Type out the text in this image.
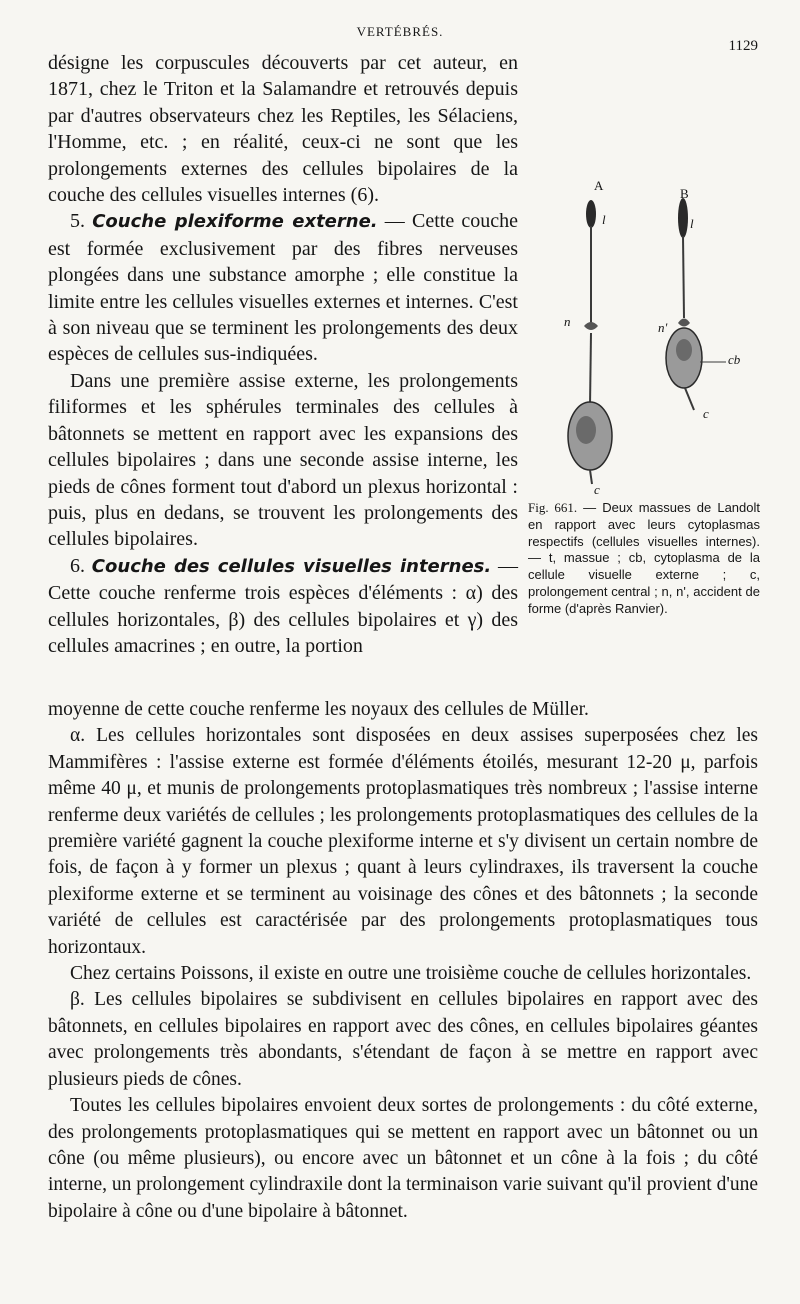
VERTÉBRÉS.
1129

désigne les corpuscules découverts par cet auteur, en 1871, chez le Triton et la Salamandre et retrouvés depuis par d'autres observateurs chez les Reptiles, les Sélaciens, l'Homme, etc. ; en réalité, ceux-ci ne sont que les prolongements externes des cellules bipolaires de la couche des cellules visuelles internes (6).

5. Couche plexiforme externe. — Cette couche est formée exclusivement par des fibres nerveuses plongées dans une substance amorphe ; elle constitue la limite entre les cellules visuelles externes et internes. C'est à son niveau que se terminent les prolongements des deux espèces de cellules sus-indiquées.

Dans une première assise externe, les prolongements filiformes et les sphérules terminales des cellules à bâtonnets se mettent en rapport avec les expansions des cellules bipolaires ; dans une seconde assise interne, les pieds de cônes forment tout d'abord un plexus horizontal : puis, plus en dedans, se trouvent les prolongements des cellules bipolaires.

6. Couche des cellules visuelles internes. — Cette couche renferme trois espèces d'éléments : α) des cellules horizontales, β) des cellules bipolaires et γ) des cellules amacrines ; en outre, la portion

A
B
l	l
n	n'
cb
c
c
Fig. 661. — Deux massues de Landolt en rapport avec leurs cytoplasmas respectifs (cellules visuelles internes). — t, massue ; cb, cytoplasma de la cellule visuelle externe ; c, prolongement central ; n, n', accident de forme (d'après Ranvier).

moyenne de cette couche renferme les noyaux des cellules de Müller.

α. Les cellules horizontales sont disposées en deux assises superposées chez les Mammifères : l'assise externe est formée d'éléments étoilés, mesurant 12-20 μ, parfois même 40 μ, et munis de prolongements protoplasmatiques très nombreux ; l'assise interne renferme deux variétés de cellules ; les prolongements protoplasmatiques des cellules de la première variété gagnent la couche plexiforme interne et s'y divisent un certain nombre de fois, de façon à y former un plexus ; quant à leurs cylindraxes, ils traversent la couche plexiforme externe et se terminent au voisinage des cônes et des bâtonnets ; la seconde variété de cellules est caractérisée par des prolongements protoplasmatiques tous horizontaux.

Chez certains Poissons, il existe en outre une troisième couche de cellules horizontales.

β. Les cellules bipolaires se subdivisent en cellules bipolaires en rapport avec des bâtonnets, en cellules bipolaires en rapport avec des cônes, en cellules bipolaires géantes avec prolongements très abondants, s'étendant de façon à se mettre en rapport avec plusieurs pieds de cônes.

Toutes les cellules bipolaires envoient deux sortes de prolongements : du côté externe, des prolongements protoplasmatiques qui se mettent en rapport avec un bâtonnet ou un cône (ou même plusieurs), ou encore avec un bâtonnet et un cône à la fois ; du côté interne, un prolongement cylindraxile dont la terminaison varie suivant qu'il provient d'une bipolaire à cône ou d'une bipolaire à bâtonnet.
